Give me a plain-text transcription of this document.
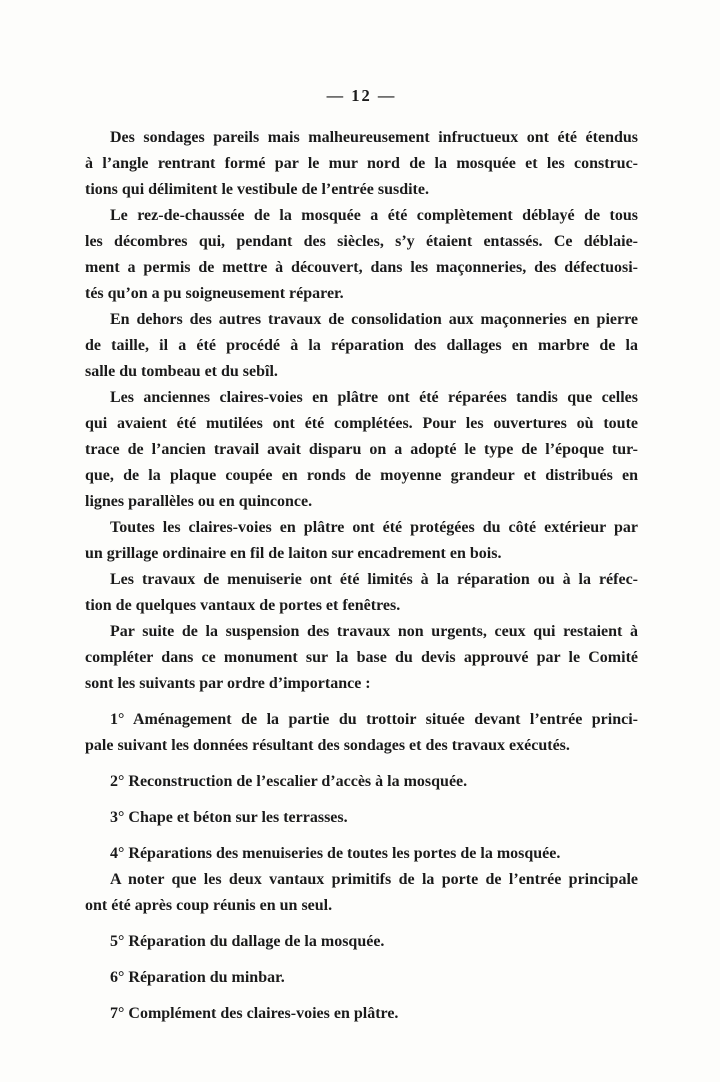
— 12 —

Des sondages pareils mais malheureusement infructueux ont été étendus
à l’angle rentrant formé par le mur nord de la mosquée et les construc-
tions qui délimitent le vestibule de l’entrée susdite.

Le rez-de-chaussée de la mosquée a été complètement déblayé de tous
les décombres qui, pendant des siècles, s’y étaient entassés. Ce déblaie-
ment a permis de mettre à découvert, dans les maçonneries, des défectuosi-
tés qu’on a pu soigneusement réparer.

En dehors des autres travaux de consolidation aux maçonneries en pierre
de taille, il a été procédé à la réparation des dallages en marbre de la
salle du tombeau et du sebîl.

Les anciennes claires-voies en plâtre ont été réparées tandis que celles
qui avaient été mutilées ont été complétées. Pour les ouvertures où toute
trace de l’ancien travail avait disparu on a adopté le type de l’époque tur-
que, de la plaque coupée en ronds de moyenne grandeur et distribués en
lignes parallèles ou en quinconce.

Toutes les claires-voies en plâtre ont été protégées du côté extérieur par
un grillage ordinaire en fil de laiton sur encadrement en bois.

Les travaux de menuiserie ont été limités à la réparation ou à la réfec-
tion de quelques vantaux de portes et fenêtres.

Par suite de la suspension des travaux non urgents, ceux qui restaient à
compléter dans ce monument sur la base du devis approuvé par le Comité
sont les suivants par ordre d’importance :

1° Aménagement de la partie du trottoir située devant l’entrée princi-
pale suivant les données résultant des sondages et des travaux exécutés.

2° Reconstruction de l’escalier d’accès à la mosquée.

3° Chape et béton sur les terrasses.

4° Réparations des menuiseries de toutes les portes de la mosquée.

A noter que les deux vantaux primitifs de la porte de l’entrée principale
ont été après coup réunis en un seul.

5° Réparation du dallage de la mosquée.

6° Réparation du minbar.

7° Complément des claires-voies en plâtre.
